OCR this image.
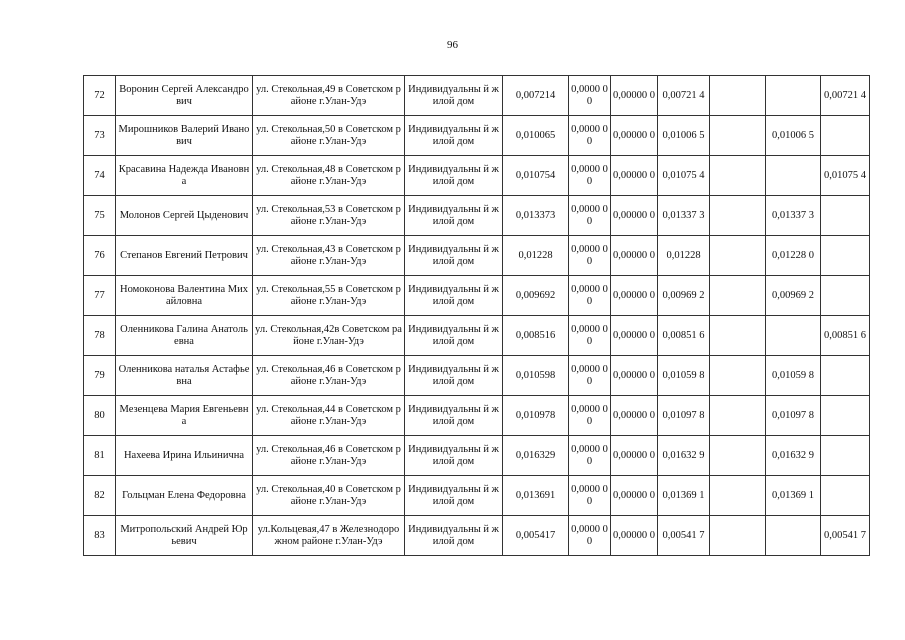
96
72	Воронин Сергей Александрович	ул. Стекольная,49 в Советском районе г.Улан-Удэ	Индивидуальны й жилой дом	0,007214	0,0000 00	0,00000 0	0,00721 4			0,00721 4
73	Мирошников Валерий Иванович	ул. Стекольная,50 в Советском районе г.Улан-Удэ	Индивидуальны й жилой дом	0,010065	0,0000 00	0,00000 0	0,01006 5		0,01006 5	
74	Красавина Надежда Ивановна	ул. Стекольная,48 в Советском районе г.Улан-Удэ	Индивидуальны й жилой дом	0,010754	0,0000 00	0,00000 0	0,01075 4			0,01075 4
75	Молонов Сергей Цыденович	ул. Стекольная,53 в Советском районе г.Улан-Удэ	Индивидуальны й жилой дом	0,013373	0,0000 00	0,00000 0	0,01337 3		0,01337 3	
76	Степанов Евгений Петрович	ул. Стекольная,43 в Советском районе г.Улан-Удэ	Индивидуальны й жилой дом	0,01228	0,0000 00	0,00000 0	0,01228		0,01228 0	
77	Номоконова Валентина Михайловна	ул. Стекольная,55 в Советском районе г.Улан-Удэ	Индивидуальны й жилой дом	0,009692	0,0000 00	0,00000 0	0,00969 2		0,00969 2	
78	Оленникова Галина Анатольевна	ул. Стекольная,42в Советском районе г.Улан-Удэ	Индивидуальны й жилой дом	0,008516	0,0000 00	0,00000 0	0,00851 6			0,00851 6
79	Оленникова наталья Астафьевна	ул. Стекольная,46 в Советском районе г.Улан-Удэ	Индивидуальны й жилой дом	0,010598	0,0000 00	0,00000 0	0,01059 8		0,01059 8	
80	Мезенцева Мария Евгеньевна	ул. Стекольная,44 в Советском районе г.Улан-Удэ	Индивидуальны й жилой дом	0,010978	0,0000 00	0,00000 0	0,01097 8		0,01097 8	
81	Нахеева Ирина Ильинична	ул. Стекольная,46 в Советском районе г.Улан-Удэ	Индивидуальны й жилой дом	0,016329	0,0000 00	0,00000 0	0,01632 9		0,01632 9	
82	Гольцман Елена Федоровна	ул. Стекольная,40 в Советском районе г.Улан-Удэ	Индивидуальны й жилой дом	0,013691	0,0000 00	0,00000 0	0,01369 1		0,01369 1	
83	Митропольский Андрей Юрьевич	ул.Кольцевая,47 в Железнодорожном районе г.Улан-Удэ	Индивидуальны й жилой дом	0,005417	0,0000 00	0,00000 0	0,00541 7			0,00541 7
